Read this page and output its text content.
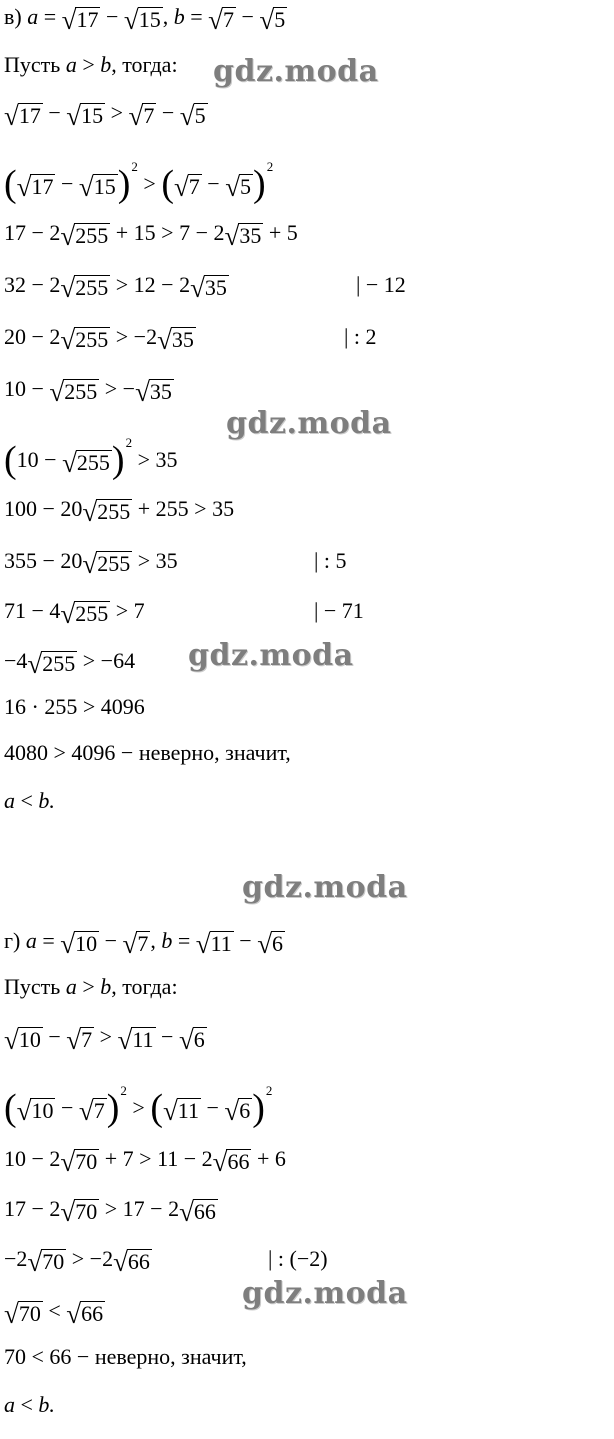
в) a = √ 17 − √ 15 , b = √ 7 − √ 5
Пусть a > b, тогда:
√ 17 − √ 15 > √ 7 − √ 5
( √ 17 − √ 15 )$^2$ > ( √ 7 − √ 5 )$^2$
17 − 2 √ 255 + 15 > 7 − 2 √ 35 + 5
32 − 2 √ 255 > 12 − 2 √ 35	| − 12
20 − 2 √ 255 > −2 √ 35	| : 2
10 − √ 255 > − √ 35
(10 − √ 255 )$^2$ > 35
100 − 20 √ 255 + 255 > 35
355 − 20 √ 255 > 35	| : 5
71 − 4 √ 255 > 7	| − 71
−4 √ 255 > −64
16 · 255 > 4096
4080 > 4096 − неверно, значит,
a < b.
г) a = √ 10 − √ 7 , b = √ 11 − √ 6
Пусть a > b, тогда:
√ 10 − √ 7 > √ 11 − √ 6
( √ 10 − √ 7 )$^2$ > ( √ 11 − √ 6 )$^2$
10 − 2 √ 70 + 7 > 11 − 2 √ 66 + 6
17 − 2 √ 70 > 17 − 2 √ 66
−2 √ 70 > −2 √ 66	| : (−2)
√ 70 < √ 66
70 < 66 − неверно, значит,
a < b.
gdz.moda
gdz.moda
gdz.moda
gdz.moda
gdz.moda
